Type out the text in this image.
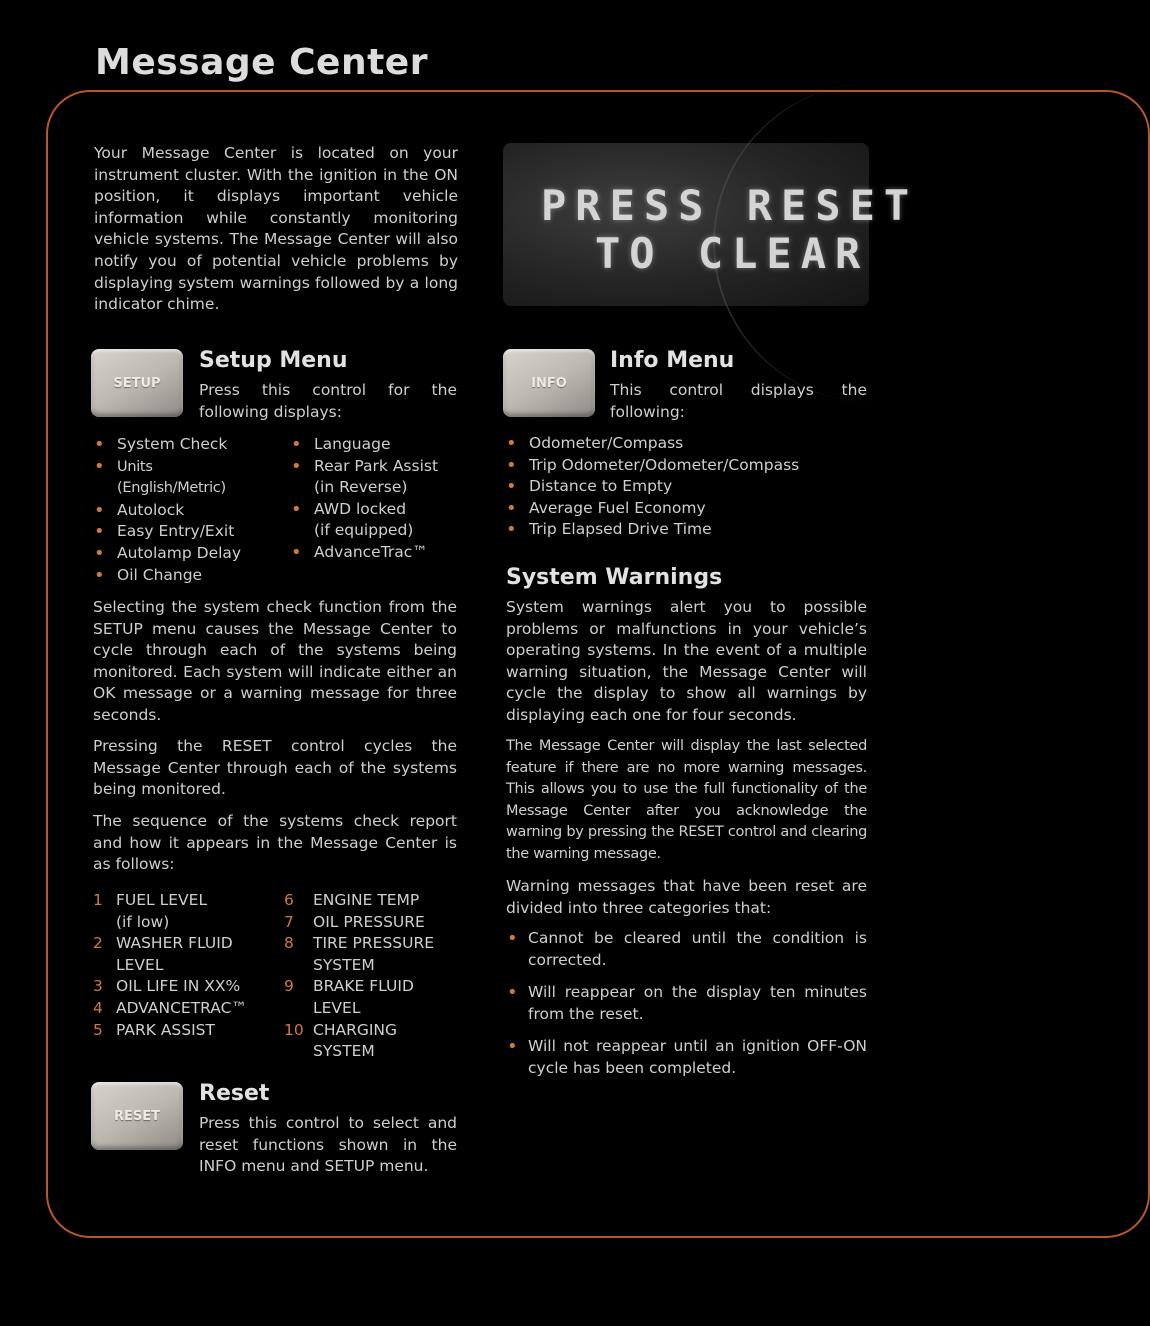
Message Center

Your Message Center is located on your instrument cluster. With the ignition in the ON position, it displays important vehicle information while constantly monitoring vehicle systems. The Message Center will also notify you of potential vehicle problems by displaying system warnings followed by a long indicator chime.

PRESS RESET
TO CLEAR
SETUP
Setup Menu

Press this control for the following displays:

• System Check
• Units
(English/Metric)
• Autolock
• Easy Entry/Exit
• Autolamp Delay
• Oil Change
• Language
• Rear Park Assist
(in Reverse)
• AWD locked
(if equipped)
• AdvanceTrac™

Selecting the system check function from the SETUP menu causes the Message Center to cycle through each of the systems being monitored. Each system will indicate either an OK message or a warning message for three seconds.

Pressing the RESET control cycles the Message Center through each of the systems being monitored.

The sequence of the systems check report and how it appears in the Message Center is as follows:

1 FUEL LEVEL
(if low)
2 WASHER FLUID
LEVEL
3 OIL LIFE IN XX%
4 ADVANCETRAC™
5 PARK ASSIST
6 ENGINE TEMP
7 OIL PRESSURE
8 TIRE PRESSURE
SYSTEM
9 BRAKE FLUID
LEVEL
10 CHARGING
SYSTEM
RESET
Reset

Press this control to select and reset functions shown in the INFO menu and SETUP menu.

INFO
Info Menu

This control displays the following:

• Odometer/Compass
• Trip Odometer/Odometer/Compass
• Distance to Empty
• Average Fuel Economy
• Trip Elapsed Drive Time
System Warnings

System warnings alert you to possible problems or malfunctions in your vehicle’s operating systems. In the event of a multiple warning situation, the Message Center will cycle the display to show all warnings by displaying each one for four seconds.

The Message Center will display the last selected feature if there are no more warning messages. This allows you to use the full functionality of the Message Center after you acknowledge the warning by pressing the RESET control and clearing the warning message.

Warning messages that have been reset are divided into three categories that:

• Cannot be cleared until the condition is corrected.
• Will reappear on the display ten minutes from the reset.
• Will not reappear until an ignition OFF-ON cycle has been completed.
